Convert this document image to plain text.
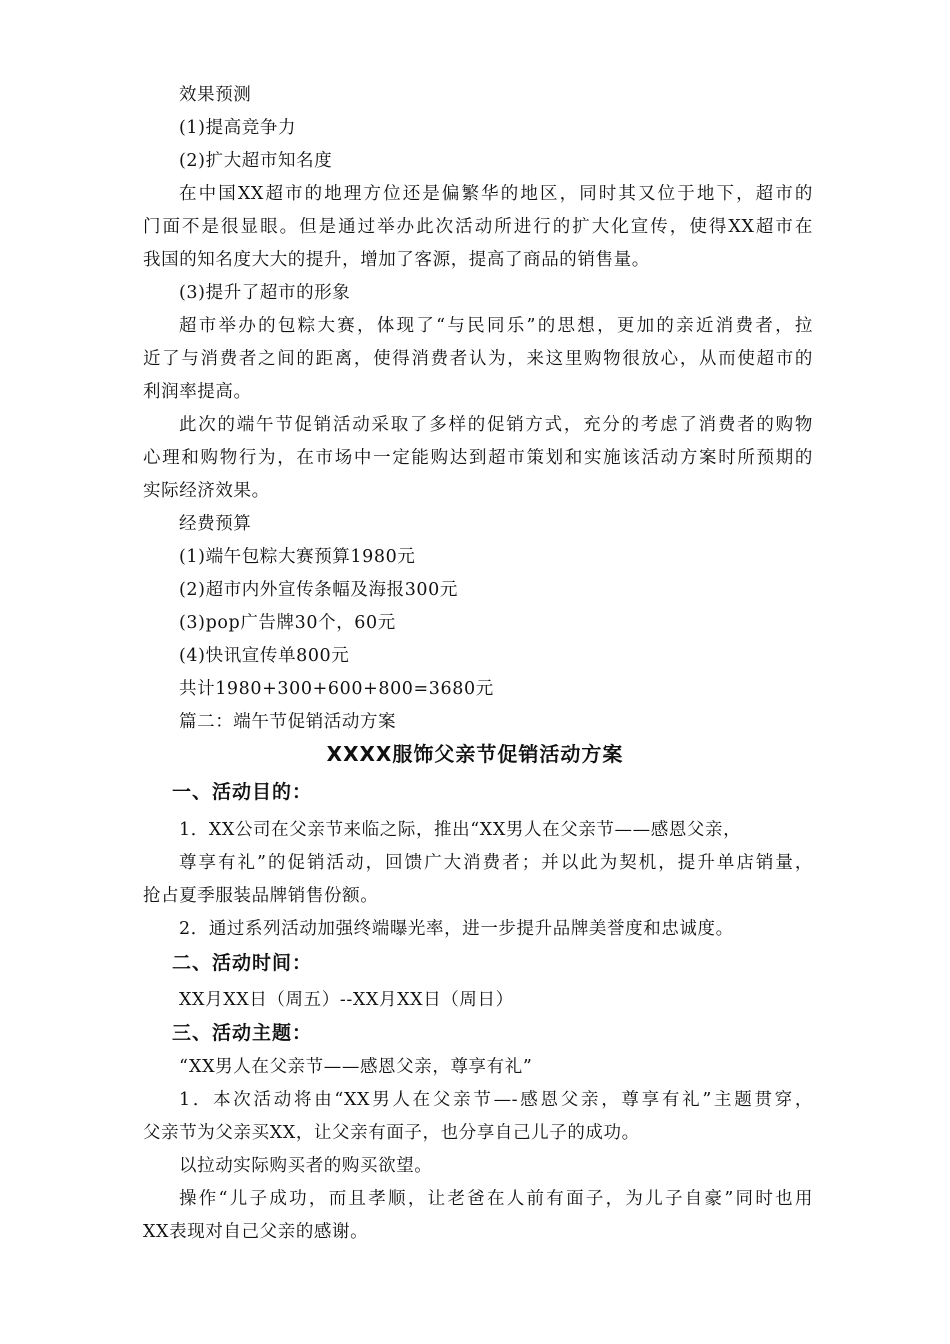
效果预测
(1)提高竞争力
(2)扩大超市知名度
在中国XX超市的地理方位还是偏繁华的地区，同时其又位于地下，超市的
门面不是很显眼。但是通过举办此次活动所进行的扩大化宣传，使得XX超市在
我国的知名度大大的提升，增加了客源，提高了商品的销售量。
(3)提升了超市的形象
超市举办的包粽大赛，体现了“与民同乐”的思想，更加的亲近消费者，拉
近了与消费者之间的距离，使得消费者认为，来这里购物很放心，从而使超市的
利润率提高。
此次的端午节促销活动采取了多样的促销方式，充分的考虑了消费者的购物
心理和购物行为，在市场中一定能购达到超市策划和实施该活动方案时所预期的
实际经济效果。
经费预算
(1)端午包粽大赛预算1980元
(2)超市内外宣传条幅及海报300元
(3)pop广告牌30个，60元
(4)快讯宣传单800元
共计1980+300+600+800=3680元
篇二：端午节促销活动方案
XXXX服饰父亲节促销活动方案
一、活动目的：
1．XX公司在父亲节来临之际，推出“XX男人在父亲节——感恩父亲，
尊享有礼”的促销活动，回馈广大消费者；并以此为契机，提升单店销量，
抢占夏季服装品牌销售份额。
2．通过系列活动加强终端曝光率，进一步提升品牌美誉度和忠诚度。
二、活动时间：
XX月XX日（周五）--XX月XX日（周日）
三、活动主题：
“XX男人在父亲节——感恩父亲，尊享有礼”
1．本次活动将由“XX男人在父亲节—-感恩父亲，尊享有礼”主题贯穿，
父亲节为父亲买XX，让父亲有面子，也分享自己儿子的成功。
以拉动实际购买者的购买欲望。
操作“儿子成功，而且孝顺，让老爸在人前有面子，为儿子自豪”同时也用
XX表现对自己父亲的感谢。
